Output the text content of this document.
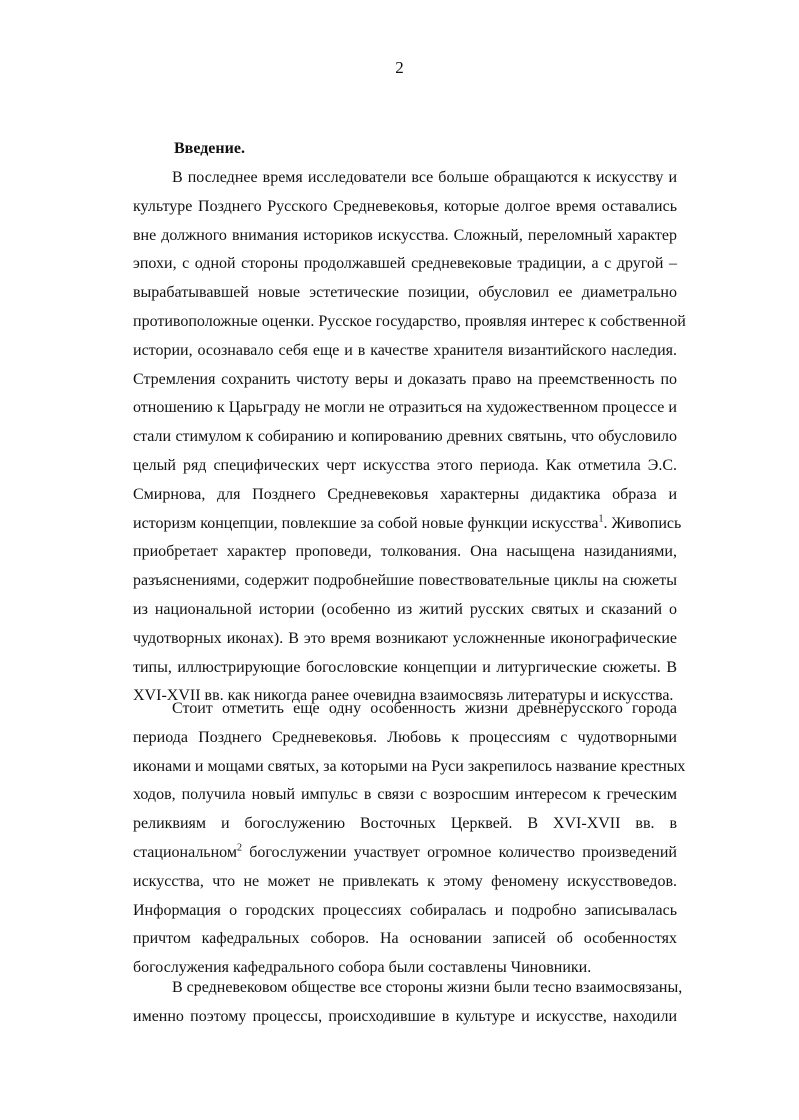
2
Введение.
В последнее время исследователи все больше обращаются к искусству и
культуре Позднего Русского Средневековья, которые долгое время оставались
вне должного внимания историков искусства. Сложный, переломный характер
эпохи, с одной стороны продолжавшей средневековые традиции, а с другой –
вырабатывавшей новые эстетические позиции, обусловил ее диаметрально
противоположные оценки. Русское государство, проявляя интерес к собственной
истории, осознавало себя еще и в качестве хранителя византийского наследия.
Стремления сохранить чистоту веры и доказать право на преемственность по
отношению к Царьграду не могли не отразиться на художественном процессе и
стали стимулом к собиранию и копированию древних святынь, что обусловило
целый ряд специфических черт искусства этого периода. Как отметила Э.С.
Смирнова, для Позднего Средневековья характерны дидактика образа и
историзм концепции, повлекшие за собой новые функции искусства$^1$. Живопись
приобретает характер проповеди, толкования. Она насыщена назиданиями,
разъяснениями, содержит подробнейшие повествовательные циклы на сюжеты
из национальной истории (особенно из житий русских святых и сказаний о
чудотворных иконах). В это время возникают усложненные иконографические
типы, иллюстрирующие богословские концепции и литургические сюжеты. В
XVI-XVII вв. как никогда ранее очевидна взаимосвязь литературы и искусства.
Стоит отметить еще одну особенность жизни древнерусского города
периода Позднего Средневековья. Любовь к процессиям с чудотворными
иконами и мощами святых, за которыми на Руси закрепилось название крестных
ходов, получила новый импульс в связи с возросшим интересом к греческим
реликвиям и богослужению Восточных Церквей. В XVI-XVII вв. в
стациональном$^2$ богослужении участвует огромное количество произведений
искусства, что не может не привлекать к этому феномену искусствоведов.
Информация о городских процессиях собиралась и подробно записывалась
причтом кафедральных соборов. На основании записей об особенностях
богослужения кафедрального собора были составлены Чиновники.
В средневековом обществе все стороны жизни были тесно взаимосвязаны,
именно поэтому процессы, происходившие в культуре и искусстве, находили
